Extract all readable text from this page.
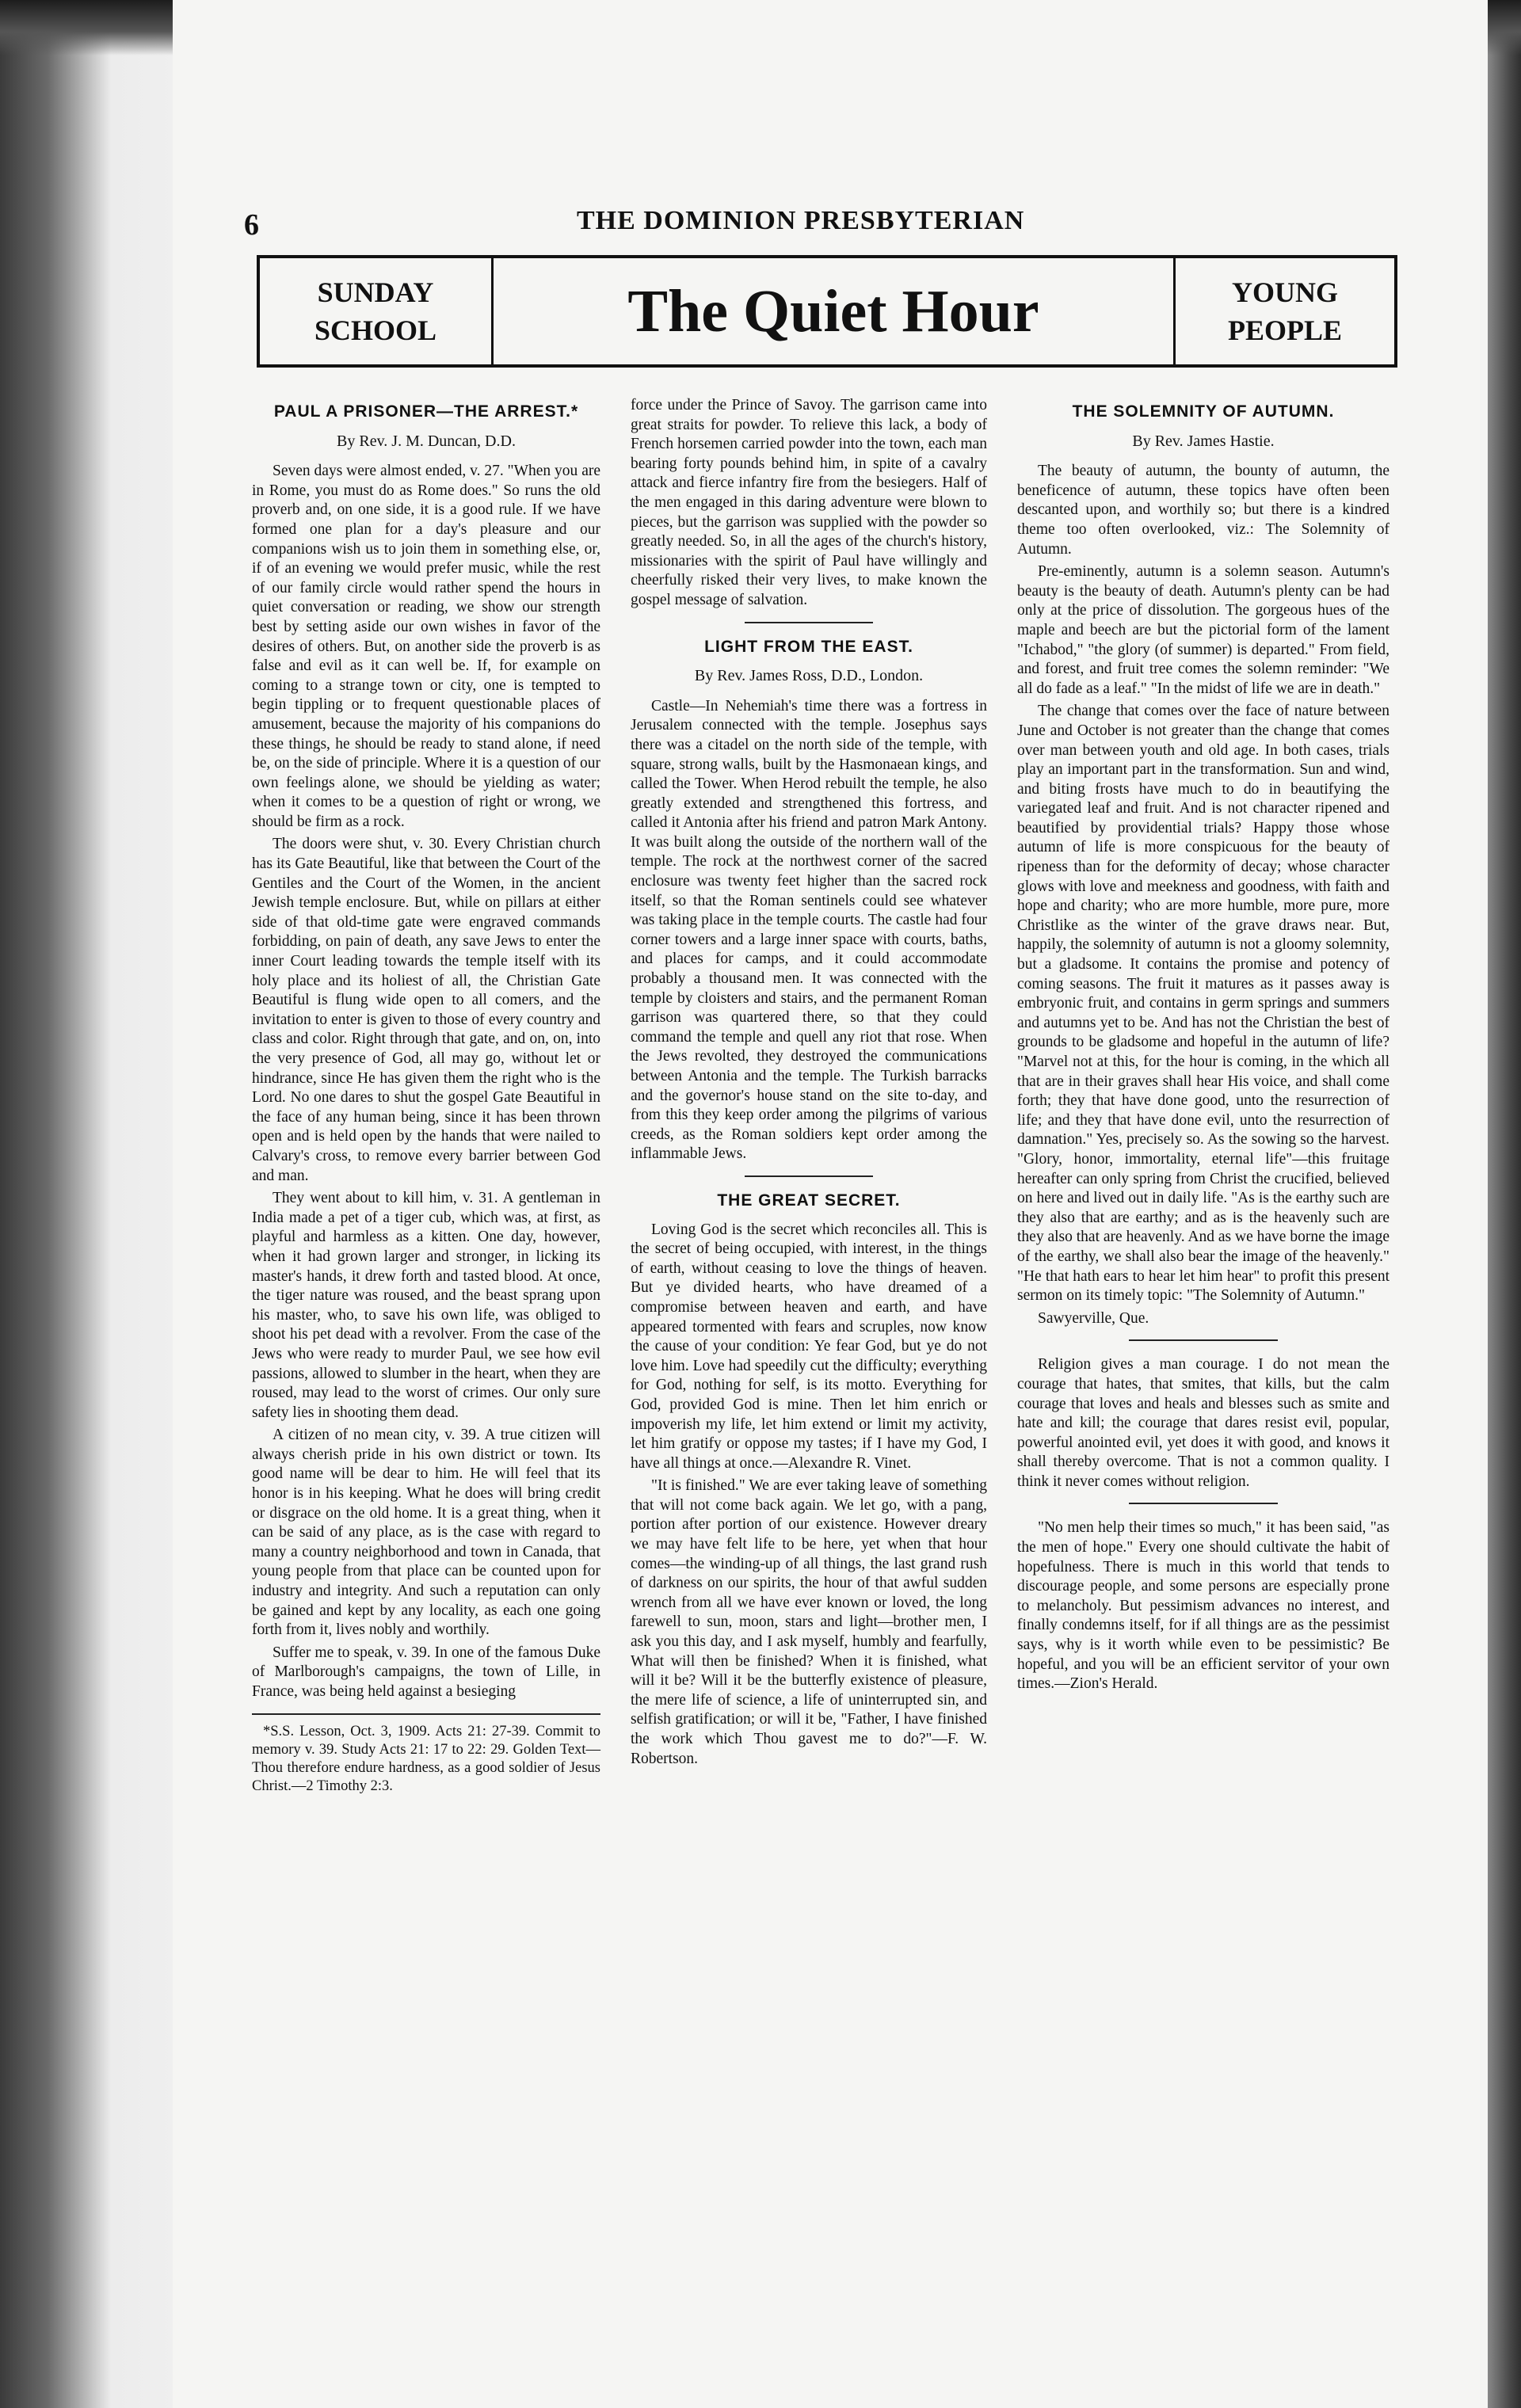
6	THE DOMINION PRESBYTERIAN
SUNDAY
SCHOOL	The Quiet Hour	YOUNG
PEOPLE
PAUL A PRISONER—THE ARREST.*
By Rev. J. M. Duncan, D.D.

Seven days were almost ended, v. 27. "When you are in Rome, you must do as Rome does." So runs the old proverb and, on one side, it is a good rule. If we have formed one plan for a day's pleasure and our companions wish us to join them in something else, or, if of an evening we would prefer music, while the rest of our family circle would rather spend the hours in quiet conversation or reading, we show our strength best by setting aside our own wishes in favor of the desires of others. But, on another side the proverb is as false and evil as it can well be. If, for example on coming to a strange town or city, one is tempted to begin tippling or to frequent questionable places of amusement, because the majority of his companions do these things, he should be ready to stand alone, if need be, on the side of principle. Where it is a question of our own feelings alone, we should be yielding as water; when it comes to be a question of right or wrong, we should be firm as a rock.

The doors were shut, v. 30. Every Christian church has its Gate Beautiful, like that between the Court of the Gentiles and the Court of the Women, in the ancient Jewish temple enclosure. But, while on pillars at either side of that old-time gate were engraved commands forbidding, on pain of death, any save Jews to enter the inner Court leading towards the temple itself with its holy place and its holiest of all, the Christian Gate Beautiful is flung wide open to all comers, and the invitation to enter is given to those of every country and class and color. Right through that gate, and on, on, into the very presence of God, all may go, without let or hindrance, since He has given them the right who is the Lord. No one dares to shut the gospel Gate Beautiful in the face of any human being, since it has been thrown open and is held open by the hands that were nailed to Calvary's cross, to remove every barrier between God and man.

They went about to kill him, v. 31. A gentleman in India made a pet of a tiger cub, which was, at first, as playful and harmless as a kitten. One day, however, when it had grown larger and stronger, in licking its master's hands, it drew forth and tasted blood. At once, the tiger nature was roused, and the beast sprang upon his master, who, to save his own life, was obliged to shoot his pet dead with a revolver. From the case of the Jews who were ready to murder Paul, we see how evil passions, allowed to slumber in the heart, when they are roused, may lead to the worst of crimes. Our only sure safety lies in shooting them dead.

A citizen of no mean city, v. 39. A true citizen will always cherish pride in his own district or town. Its good name will be dear to him. He will feel that its honor is in his keeping. What he does will bring credit or disgrace on the old home. It is a great thing, when it can be said of any place, as is the case with regard to many a country neighborhood and town in Canada, that young people from that place can be counted upon for industry and integrity. And such a reputation can only be gained and kept by any locality, as each one going forth from it, lives nobly and worthily.

Suffer me to speak, v. 39. In one of the famous Duke of Marlborough's campaigns, the town of Lille, in France, was being held against a besieging

*S.S. Lesson, Oct. 3, 1909. Acts 21: 27-39. Commit to memory v. 39. Study Acts 21: 17 to 22: 29. Golden Text—Thou therefore endure hardness, as a good soldier of Jesus Christ.—2 Timothy 2:3.

force under the Prince of Savoy. The garrison came into great straits for powder. To relieve this lack, a body of French horsemen carried powder into the town, each man bearing forty pounds behind him, in spite of a cavalry attack and fierce infantry fire from the besiegers. Half of the men engaged in this daring adventure were blown to pieces, but the garrison was supplied with the powder so greatly needed. So, in all the ages of the church's history, missionaries with the spirit of Paul have willingly and cheerfully risked their very lives, to make known the gospel message of salvation.

LIGHT FROM THE EAST.
By Rev. James Ross, D.D., London.

Castle—In Nehemiah's time there was a fortress in Jerusalem connected with the temple. Josephus says there was a citadel on the north side of the temple, with square, strong walls, built by the Hasmonaean kings, and called the Tower. When Herod rebuilt the temple, he also greatly extended and strengthened this fortress, and called it Antonia after his friend and patron Mark Antony. It was built along the outside of the northern wall of the temple. The rock at the northwest corner of the sacred enclosure was twenty feet higher than the sacred rock itself, so that the Roman sentinels could see whatever was taking place in the temple courts. The castle had four corner towers and a large inner space with courts, baths, and places for camps, and it could accommodate probably a thousand men. It was connected with the temple by cloisters and stairs, and the permanent Roman garrison was quartered there, so that they could command the temple and quell any riot that rose. When the Jews revolted, they destroyed the communications between Antonia and the temple. The Turkish barracks and the governor's house stand on the site to-day, and from this they keep order among the pilgrims of various creeds, as the Roman soldiers kept order among the inflammable Jews.

THE GREAT SECRET.

Loving God is the secret which reconciles all. This is the secret of being occupied, with interest, in the things of earth, without ceasing to love the things of heaven. But ye divided hearts, who have dreamed of a compromise between heaven and earth, and have appeared tormented with fears and scruples, now know the cause of your condition: Ye fear God, but ye do not love him. Love had speedily cut the difficulty; everything for God, nothing for self, is its motto. Everything for God, provided God is mine. Then let him enrich or impoverish my life, let him extend or limit my activity, let him gratify or oppose my tastes; if I have my God, I have all things at once.—Alexandre R. Vinet.

"It is finished." We are ever taking leave of something that will not come back again. We let go, with a pang, portion after portion of our existence. However dreary we may have felt life to be here, yet when that hour comes—the winding-up of all things, the last grand rush of darkness on our spirits, the hour of that awful sudden wrench from all we have ever known or loved, the long farewell to sun, moon, stars and light—brother men, I ask you this day, and I ask myself, humbly and fearfully, What will then be finished? When it is finished, what will it be? Will it be the butterfly existence of pleasure, the mere life of science, a life of uninterrupted sin, and selfish gratification; or will it be, "Father, I have finished the work which Thou gavest me to do?"—F. W. Robertson.

THE SOLEMNITY OF AUTUMN.
By Rev. James Hastie.

The beauty of autumn, the bounty of autumn, the beneficence of autumn, these topics have often been descanted upon, and worthily so; but there is a kindred theme too often overlooked, viz.: The Solemnity of Autumn.

Pre-eminently, autumn is a solemn season. Autumn's beauty is the beauty of death. Autumn's plenty can be had only at the price of dissolution. The gorgeous hues of the maple and beech are but the pictorial form of the lament "Ichabod," "the glory (of summer) is departed." From field, and forest, and fruit tree comes the solemn reminder: "We all do fade as a leaf." "In the midst of life we are in death."

The change that comes over the face of nature between June and October is not greater than the change that comes over man between youth and old age. In both cases, trials play an important part in the transformation. Sun and wind, and biting frosts have much to do in beautifying the variegated leaf and fruit. And is not character ripened and beautified by providential trials? Happy those whose autumn of life is more conspicuous for the beauty of ripeness than for the deformity of decay; whose character glows with love and meekness and goodness, with faith and hope and charity; who are more humble, more pure, more Christlike as the winter of the grave draws near. But, happily, the solemnity of autumn is not a gloomy solemnity, but a gladsome. It contains the promise and potency of coming seasons. The fruit it matures as it passes away is embryonic fruit, and contains in germ springs and summers and autumns yet to be. And has not the Christian the best of grounds to be gladsome and hopeful in the autumn of life? "Marvel not at this, for the hour is coming, in the which all that are in their graves shall hear His voice, and shall come forth; they that have done good, unto the resurrection of life; and they that have done evil, unto the resurrection of damnation." Yes, precisely so. As the sowing so the harvest. "Glory, honor, immortality, eternal life"—this fruitage hereafter can only spring from Christ the crucified, believed on here and lived out in daily life. "As is the earthy such are they also that are earthy; and as is the heavenly such are they also that are heavenly. And as we have borne the image of the earthy, we shall also bear the image of the heavenly." "He that hath ears to hear let him hear" to profit this present sermon on its timely topic: "The Solemnity of Autumn."

Sawyerville, Que.

Religion gives a man courage. I do not mean the courage that hates, that smites, that kills, but the calm courage that loves and heals and blesses such as smite and hate and kill; the courage that dares resist evil, popular, powerful anointed evil, yet does it with good, and knows it shall thereby overcome. That is not a common quality. I think it never comes without religion.

"No men help their times so much," it has been said, "as the men of hope." Every one should cultivate the habit of hopefulness. There is much in this world that tends to discourage people, and some persons are especially prone to melancholy. But pessimism advances no interest, and finally condemns itself, for if all things are as the pessimist says, why is it worth while even to be pessimistic? Be hopeful, and you will be an efficient servitor of your own times.—Zion's Herald.
